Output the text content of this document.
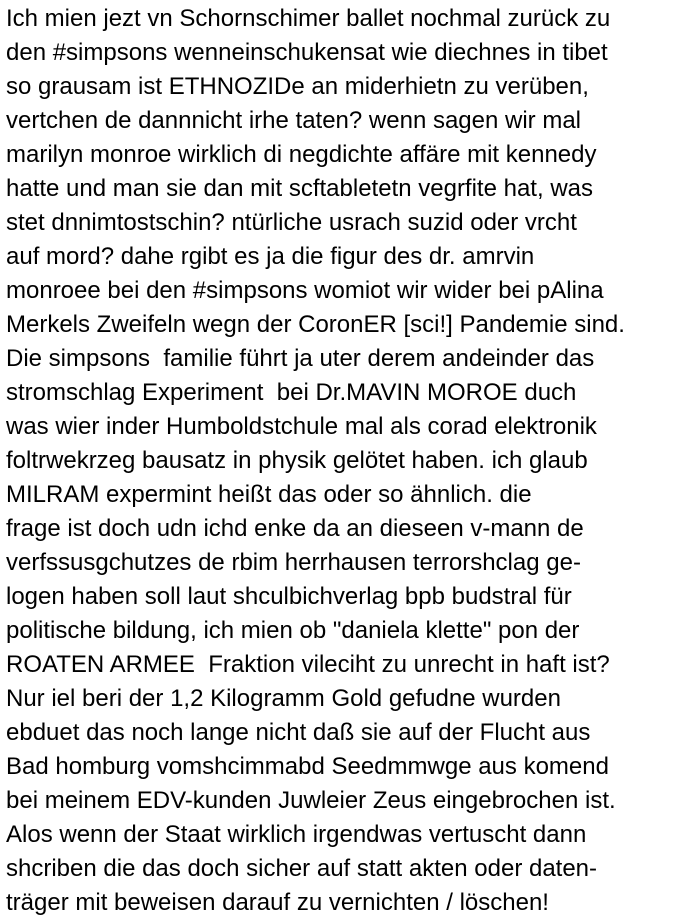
Ich mien jezt vn Schornschimer ballet nochmal zurück zu
den #simpsons wenneinschukensat wie diechnes in tibet
so grausam ist ETHNOZIDe an miderhietn zu verüben,
vertchen de dannnicht irhe taten? wenn sagen wir mal
marilyn monroe wirklich di negdichte affäre mit kennedy
hatte und man sie dan mit scftabletetn vegrfite hat, was
stet dnnimtostschin? ntürliche usrach suzid oder vrcht
auf mord? dahe rgibt es ja die figur des dr. amrvin
monroee bei den #simpsons womiot wir wider bei pAlina
Merkels Zweifeln wegn der CoronER [sci!] Pandemie sind.
Die simpsons  familie führt ja uter derem andeinder das
stromschlag Experiment  bei Dr.MAVIN MOROE duch
was wier inder Humboldstchule mal als corad elektronik
foltrwekrzeg bausatz in physik gelötet haben. ich glaub
MILRAM expermint heißt das oder so ähnlich. die
frage ist doch udn ichd enke da an dieseen v-mann de
verfssusgchutzes de rbim herrhausen terrorshclag ge-
logen haben soll laut shculbichverlag bpb budstral für
politische bildung, ich mien ob "daniela klette" pon der
ROATEN ARMEE  Fraktion vileciht zu unrecht in haft ist?
Nur iel beri der 1,2 Kilogramm Gold gefudne wurden
ebduet das noch lange nicht daß sie auf der Flucht aus
Bad homburg vomshcimmabd Seedmmwge aus komend
bei meinem EDV-kunden Juwleier Zeus eingebrochen ist.
Alos wenn der Staat wirklich irgendwas vertuscht dann
shcriben die das doch sicher auf statt akten oder daten-
träger mit beweisen darauf zu vernichten / löschen!
